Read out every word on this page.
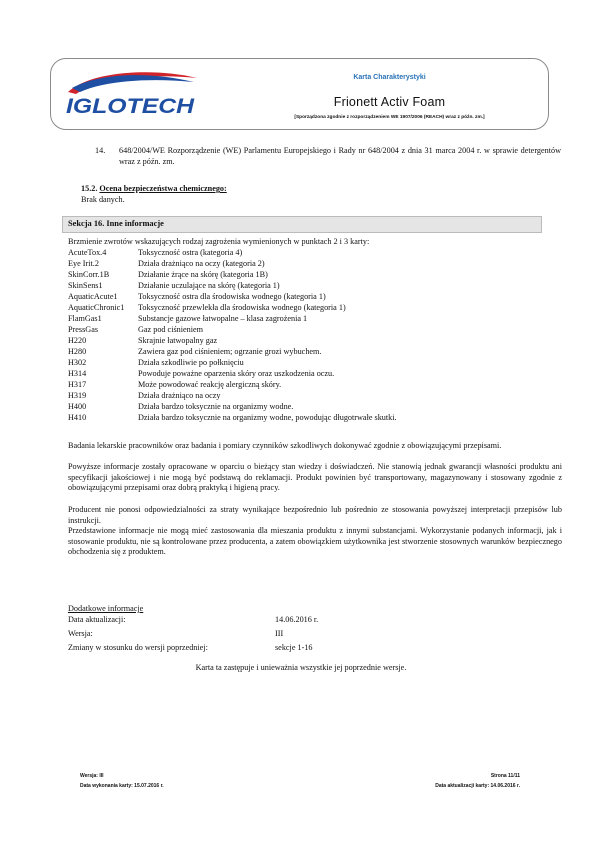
IGLOTECH
Karta Charakterystyki
Frionett Activ Foam
[Sporządzona zgodnie z rozporządzeniem WE 1907/2006 (REACH) wraz z późn. zm.]
14. 648/2004/WE Rozporządzenie (WE) Parlamentu Europejskiego i Rady nr 648/2004 z dnia 31 marca 2004 r. w sprawie detergentów wraz z późn. zm.
15.2. Ocena bezpieczeństwa chemicznego:
Brak danych.
Sekcja 16. Inne informacje
Brzmienie zwrotów wskazujących rodzaj zagrożenia wymienionych w punktach 2 i 3 karty:
AcuteTox.4	Toksyczność ostra (kategoria 4)
Eye Irit.2	Działa drażniąco na oczy (kategoria 2)
SkinCorr.1B	Działanie żrące na skórę (kategoria 1B)
SkinSens1	Działanie uczulające na skórę (kategoria 1)
AquaticAcute1 Toksyczność ostra dla środowiska wodnego (kategoria 1)
AquaticChronic1 Toksyczność przewlekła dla środowiska wodnego (kategoria 1)
FlamGas1	Substancje gazowe łatwopalne – klasa zagrożenia 1
PressGas	Gaz pod ciśnieniem
H220	Skrajnie łatwopalny gaz
H280	Zawiera gaz pod ciśnieniem; ogrzanie grozi wybuchem.
H302	Działa szkodliwie po połknięciu
H314	Powoduje poważne oparzenia skóry oraz uszkodzenia oczu.
H317	Może powodować reakcję alergiczną skóry.
H319	Działa drażniąco na oczy
H400	Działa bardzo toksycznie na organizmy wodne.
H410	Działa bardzo toksycznie na organizmy wodne, powodując długotrwałe skutki.

Badania lekarskie pracowników oraz badania i pomiary czynników szkodliwych dokonywać zgodnie z obowiązującymi przepisami.

Powyższe informacje zostały opracowane w oparciu o bieżący stan wiedzy i doświadczeń. Nie stanowią jednak gwarancji własności produktu ani specyfikacji jakościowej i nie mogą być podstawą do reklamacji. Produkt powinien być transportowany, magazynowany i stosowany zgodnie z obowiązującymi przepisami oraz dobrą praktyką i higieną pracy.

Producent nie ponosi odpowiedzialności za straty wynikające bezpośrednio lub pośrednio ze stosowania powyższej interpretacji przepisów lub instrukcji.

Przedstawione informacje nie mogą mieć zastosowania dla mieszania produktu z innymi substancjami. Wykorzystanie podanych informacji, jak i stosowanie produktu, nie są kontrolowane przez producenta, a zatem obowiązkiem użytkownika jest stworzenie stosownych warunków bezpiecznego obchodzenia się z produktem.

Dodatkowe informacje
Data aktualizacji:	14.06.2016 r.
Wersja:	III
Zmiany w stosunku do wersji poprzedniej:	sekcje 1-16
Karta ta zastępuje i unieważnia wszystkie jej poprzednie wersje.
Wersja: III
Data wykonania karty: 15.07.2016 r.
Strona 11/11
Data aktualizacji karty: 14.06.2016 r.
